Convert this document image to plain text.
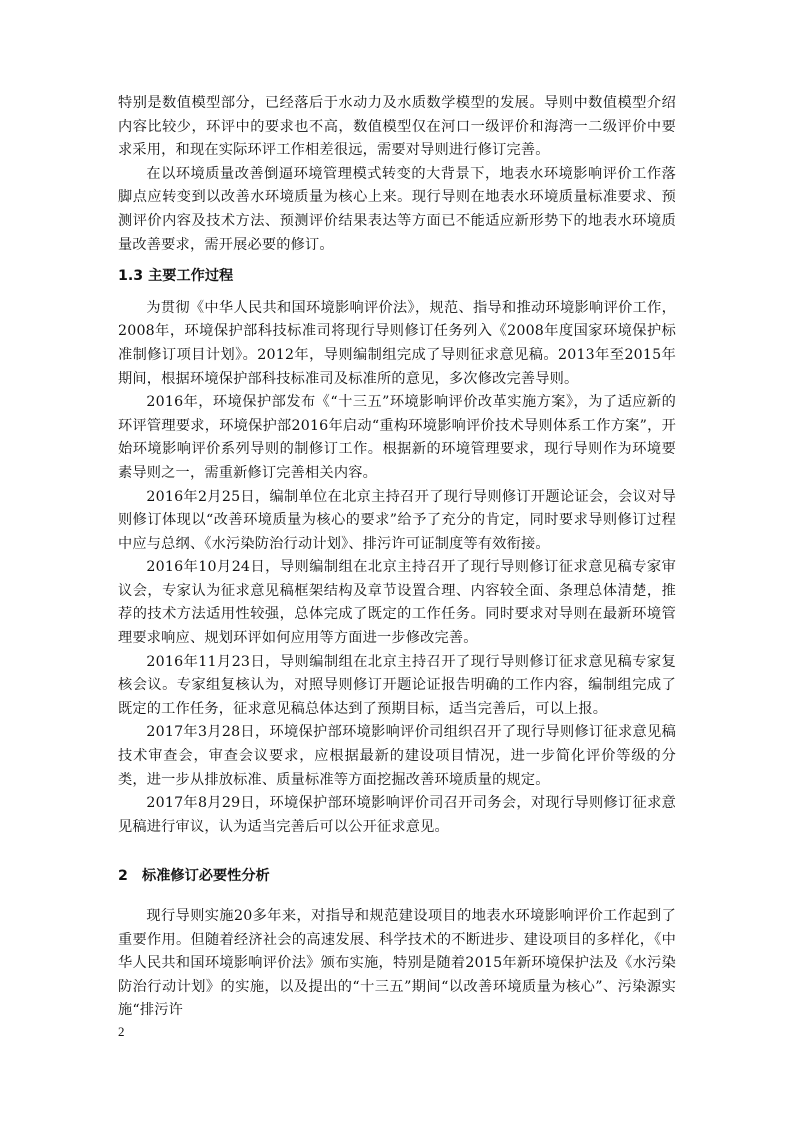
特别是数值模型部分，已经落后于水动力及水质数学模型的发展。导则中数值模型介绍内容比较少，环评中的要求也不高，数值模型仅在河口一级评价和海湾一二级评价中要求采用，和现在实际环评工作相差很远，需要对导则进行修订完善。

在以环境质量改善倒逼环境管理模式转变的大背景下，地表水环境影响评价工作落脚点应转变到以改善水环境质量为核心上来。现行导则在地表水环境质量标准要求、预测评价内容及技术方法、预测评价结果表达等方面已不能适应新形势下的地表水环境质量改善要求，需开展必要的修订。

1.3 主要工作过程

为贯彻《中华人民共和国环境影响评价法》，规范、指导和推动环境影响评价工作，2008年，环境保护部科技标准司将现行导则修订任务列入《2008年度国家环境保护标准制修订项目计划》。2012年，导则编制组完成了导则征求意见稿。2013年至2015年期间，根据环境保护部科技标准司及标准所的意见，多次修改完善导则。

2016年，环境保护部发布《“十三五”环境影响评价改革实施方案》，为了适应新的环评管理要求，环境保护部2016年启动“重构环境影响评价技术导则体系工作方案”，开始环境影响评价系列导则的制修订工作。根据新的环境管理要求，现行导则作为环境要素导则之一，需重新修订完善相关内容。

2016年2月25日，编制单位在北京主持召开了现行导则修订开题论证会，会议对导则修订体现以“改善环境质量为核心的要求”给予了充分的肯定，同时要求导则修订过程中应与总纲、《水污染防治行动计划》、排污许可证制度等有效衔接。

2016年10月24日，导则编制组在北京主持召开了现行导则修订征求意见稿专家审议会，专家认为征求意见稿框架结构及章节设置合理、内容较全面、条理总体清楚，推荐的技术方法适用性较强，总体完成了既定的工作任务。同时要求对导则在最新环境管理要求响应、规划环评如何应用等方面进一步修改完善。

2016年11月23日，导则编制组在北京主持召开了现行导则修订征求意见稿专家复核会议。专家组复核认为，对照导则修订开题论证报告明确的工作内容，编制组完成了既定的工作任务，征求意见稿总体达到了预期目标，适当完善后，可以上报。

2017年3月28日，环境保护部环境影响评价司组织召开了现行导则修订征求意见稿技术审查会，审查会议要求，应根据最新的建设项目情况，进一步简化评价等级的分类，进一步从排放标准、质量标准等方面挖掘改善环境质量的规定。

2017年8月29日，环境保护部环境影响评价司召开司务会，对现行导则修订征求意见稿进行审议，认为适当完善后可以公开征求意见。

2　标准修订必要性分析

现行导则实施20多年来，对指导和规范建设项目的地表水环境影响评价工作起到了重要作用。但随着经济社会的高速发展、科学技术的不断进步、建设项目的多样化，《中华人民共和国环境影响评价法》颁布实施，特别是随着2015年新环境保护法及《水污染防治行动计划》的实施，以及提出的“十三五”期间“以改善环境质量为核心”、污染源实施“排污许

2
